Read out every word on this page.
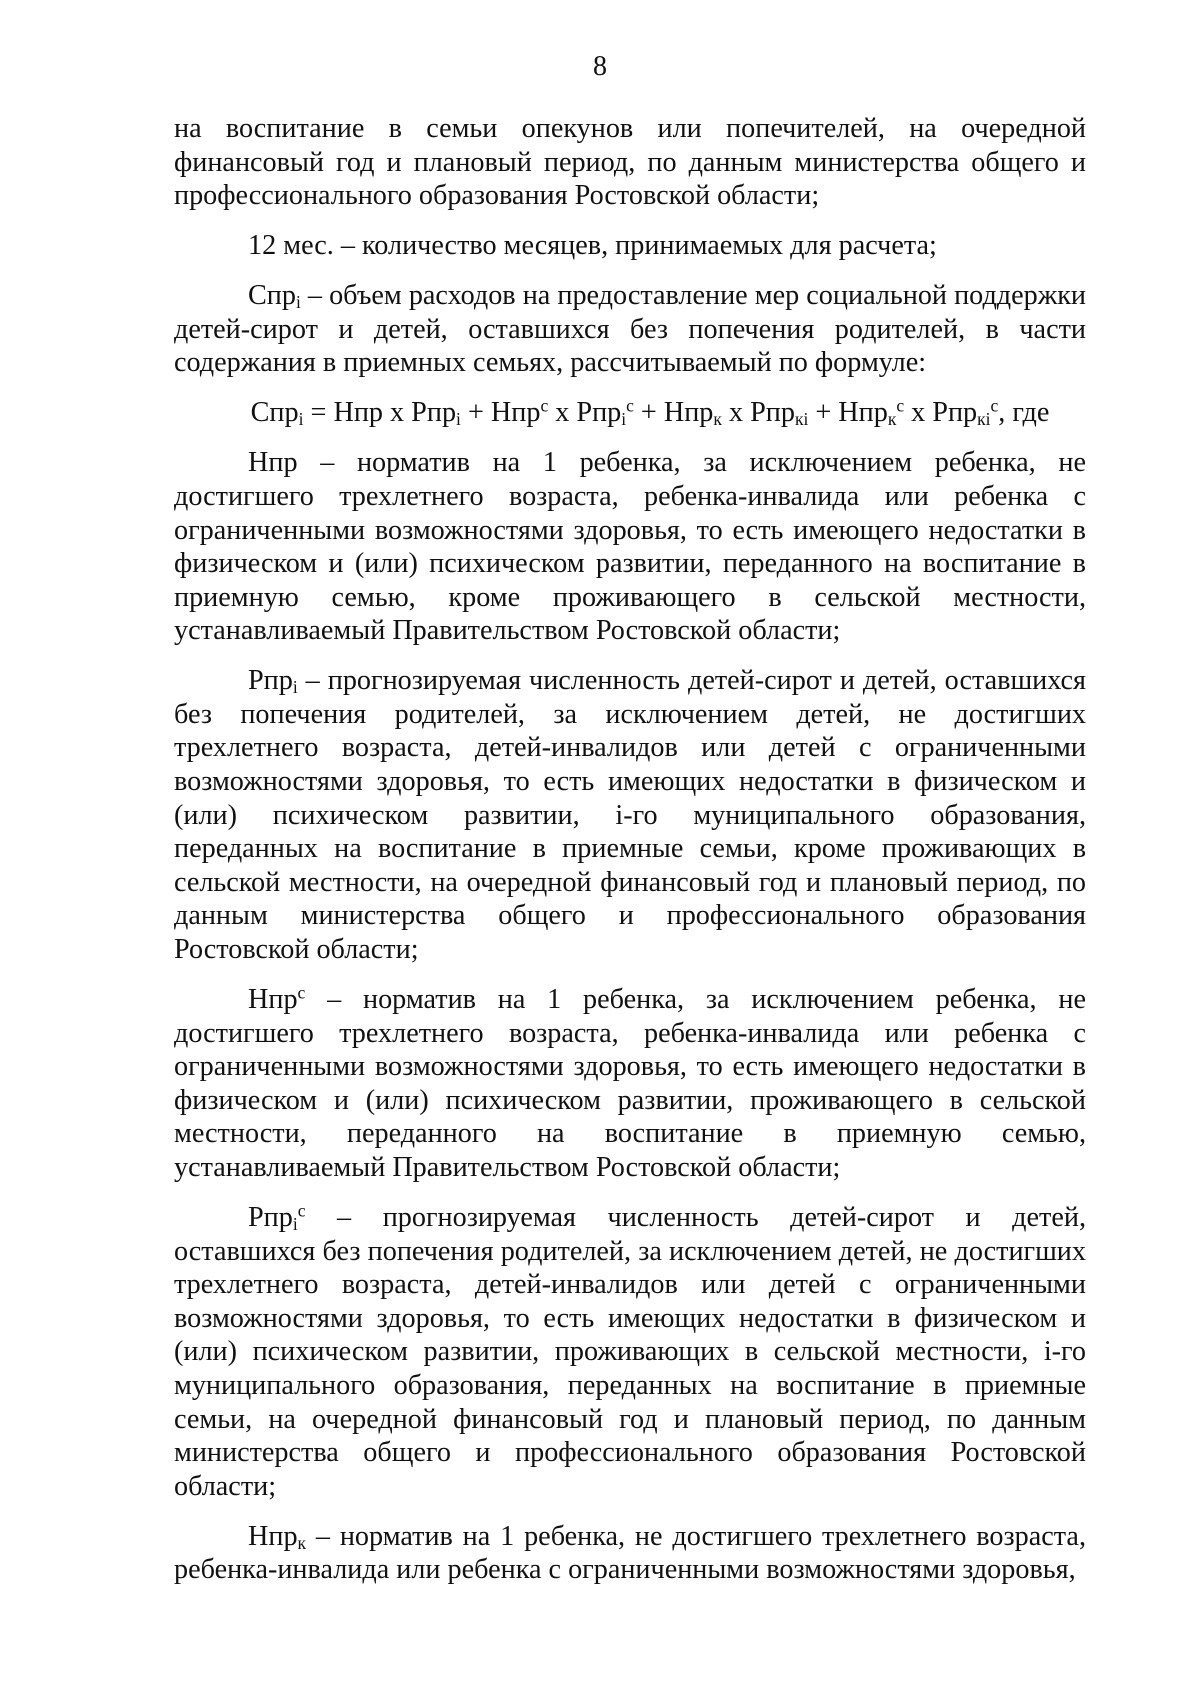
8

на воспитание в семьи опекунов или попечителей, на очередной финансовый год и плановый период, по данным министерства общего и профессионального образования Ростовской области;

12 мес. – количество месяцев, принимаемых для расчета;

Спр$_i$ – объем расходов на предоставление мер социальной поддержки детей-сирот и детей, оставшихся без попечения родителей, в части содержания в приемных семьях, рассчитываемый по формуле:

Спр$_i$ = Нпр х Рпр$_i$ + Нпр$^с$ х Рпр$_i^с$ + Нпр$_к$ х Рпр$_{кi}$ + Нпр$_к^с$ х Рпр$_{кi}^с$, где

Нпр – норматив на 1 ребенка, за исключением ребенка, не достигшего трехлетнего возраста, ребенка-инвалида или ребенка с ограниченными возможностями здоровья, то есть имеющего недостатки в физическом и (или) психическом развитии, переданного на воспитание в приемную семью, кроме проживающего в сельской местности, устанавливаемый Правительством Ростовской области;

Рпр$_i$ – прогнозируемая численность детей-сирот и детей, оставшихся без попечения родителей, за исключением детей, не достигших трехлетнего возраста, детей-инвалидов или детей с ограниченными возможностями здоровья, то есть имеющих недостатки в физическом и (или) психическом развитии, i-го муниципального образования, переданных на воспитание в приемные семьи, кроме проживающих в сельской местности, на очередной финансовый год и плановый период, по данным министерства общего и профессионального образования Ростовской области;

Нпр$^с$ – норматив на 1 ребенка, за исключением ребенка, не достигшего трехлетнего возраста, ребенка-инвалида или ребенка с ограниченными возможностями здоровья, то есть имеющего недостатки в физическом и (или) психическом развитии, проживающего в сельской местности, переданного на воспитание в приемную семью, устанавливаемый Правительством Ростовской области;

Рпр$_i^с$ – прогнозируемая численность детей-сирот и детей, оставшихся без попечения родителей, за исключением детей, не достигших трехлетнего возраста, детей-инвалидов или детей с ограниченными возможностями здоровья, то есть имеющих недостатки в физическом и (или) психическом развитии, проживающих в сельской местности, i-го муниципального образования, переданных на воспитание в приемные семьи, на очередной финансовый год и плановый период, по данным министерства общего и профессионального образования Ростовской области;

Нпр$_к$ – норматив на 1 ребенка, не достигшего трехлетнего возраста, ребенка-инвалида или ребенка с ограниченными возможностями здоровья,
